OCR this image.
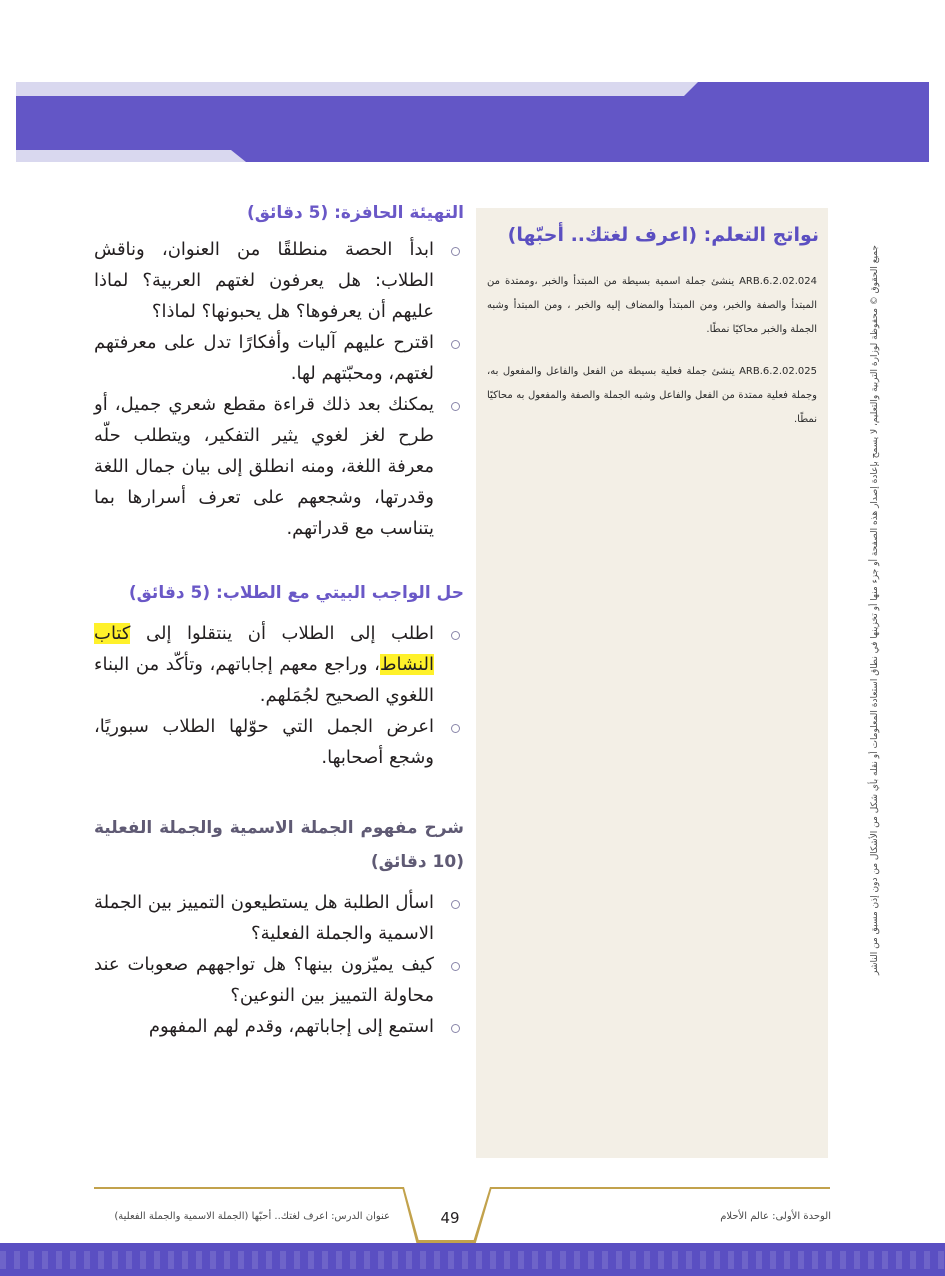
نواتج التعلم: (اعرف لغتك.. أحبّها)
ARB.6.2.02.024 ينشئ جملة اسمية بسيطة من المبتدأ والخبر ،وممتدة من المبتدأ والصفة والخبر، ومن المبتدأ والمضاف إليه والخبر ، ومن المبتدأ وشبه الجملة والخبر محاكيًا نمطًا.
ARB.6.2.02.025 ينشئ جملة فعلية بسيطة من الفعل والفاعل والمفعول به، وجملة فعلية ممتدة من الفعل والفاعل وشبه الجملة والصفة والمفعول به محاكيًا نمطًا.	جميع الحقوق © محفوظة لوزارة التربية والتعليم، لا يسمح بإعادة إصدار هذه الصفحة أو جزء منها أو تخزينها في نطاق استعادة المعلومات أو نقله بأي شكل من الأشكال من دون إذن مسبق من الناشر
التهيئة الحافزة: (5 دقائق)
ابدأ الحصة منطلقًا من العنوان، وناقش الطلاب: هل يعرفون لغتهم العربية؟ لماذا عليهم أن يعرفوها؟ هل يحبونها؟ لماذا؟
اقترح عليهم آليات وأفكارًا تدل على معرفتهم لغتهم، ومحبّتهم لها.
يمكنك بعد ذلك قراءة مقطع شعري جميل، أو طرح لغز لغوي يثير التفكير، ويتطلب حلّه معرفة اللغة، ومنه انطلق إلى بيان جمال اللغة وقدرتها، وشجعهم على تعرف أسرارها بما يتناسب مع قدراتهم.
حل الواجب البيتي مع الطلاب: (5 دقائق)
اطلب إلى الطلاب أن ينتقلوا إلى كتاب النشاط، وراجع معهم إجاباتهم، وتأكّد من البناء اللغوي الصحيح لجُمَلهم.
اعرض الجمل التي حوّلها الطلاب سبوريًا، وشجع أصحابها.
شرح مفهوم الجملة الاسمية والجملة الفعلية (10 دقائق)
اسأل الطلبة هل يستطيعون التمييز بين الجملة الاسمية والجملة الفعلية؟
كيف يميّزون بينها؟ هل تواجههم صعوبات عند محاولة التمييز بين النوعين؟
استمع إلى إجاباتهم، وقدم لهم المفهوم
49
عنوان الدرس: اعرف لغتك.. أحبّها (الجملة الاسمية والجملة الفعلية)	الوحدة الأولى: عالم الأحلام
